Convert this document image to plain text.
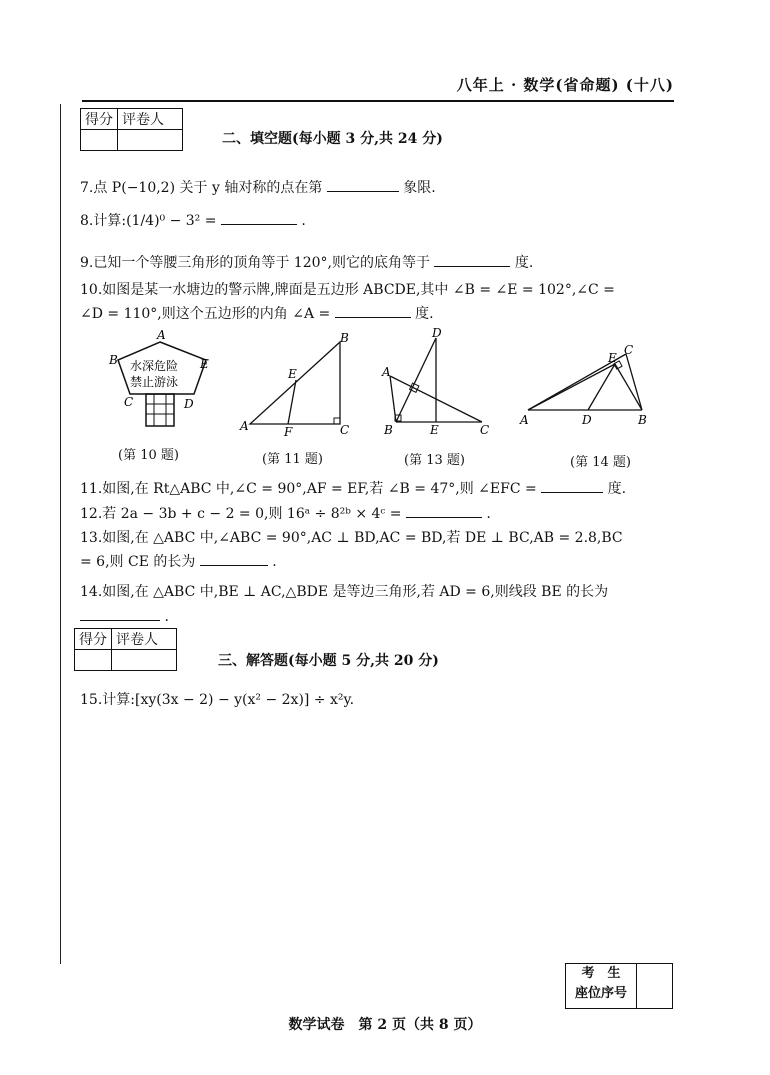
八年上 · 数学(省命题) (十八)
得分	评卷人

二、填空题(每小题 3 分,共 24 分)
7.点 P(−10,2) 关于 y 轴对称的点在第	象限.
8.计算:(1/4)⁰ − 3² =	.
9.已知一个等腰三角形的顶角等于 120°,则它的底角等于	度.
10.如图是某一水塘边的警示牌,牌面是五边形 ABCDE,其中 ∠B = ∠E = 102°,∠C =
∠D = 110°,则这个五边形的内角 ∠A =	度.
A
B	E
C	D
水深危险
禁止游泳
B
E
A	F	C
D
A
B	E	C
E
C
A	D	B
(第 10 题)	(第 11 题)	(第 13 题)	(第 14 题)
11.如图,在 Rt△ABC 中,∠C = 90°,AF = EF,若 ∠B = 47°,则 ∠EFC =	度.
12.若 2a − 3b + c − 2 = 0,则 16ᵃ ÷ 8²ᵇ × 4ᶜ =	.
13.如图,在 △ABC 中,∠ABC = 90°,AC ⊥ BD,AC = BD,若 DE ⊥ BC,AB = 2.8,BC
= 6,则 CE 的长为	.
14.如图,在 △ABC 中,BE ⊥ AC,△BDE 是等边三角形,若 AD = 6,则线段 BE 的长为
.
得分	评卷人

三、解答题(每小题 5 分,共 20 分)
15.计算:[xy(3x − 2) − y(x² − 2x)] ÷ x²y.
考　生
座位序号
数学试卷　第 2 页（共 8 页）
